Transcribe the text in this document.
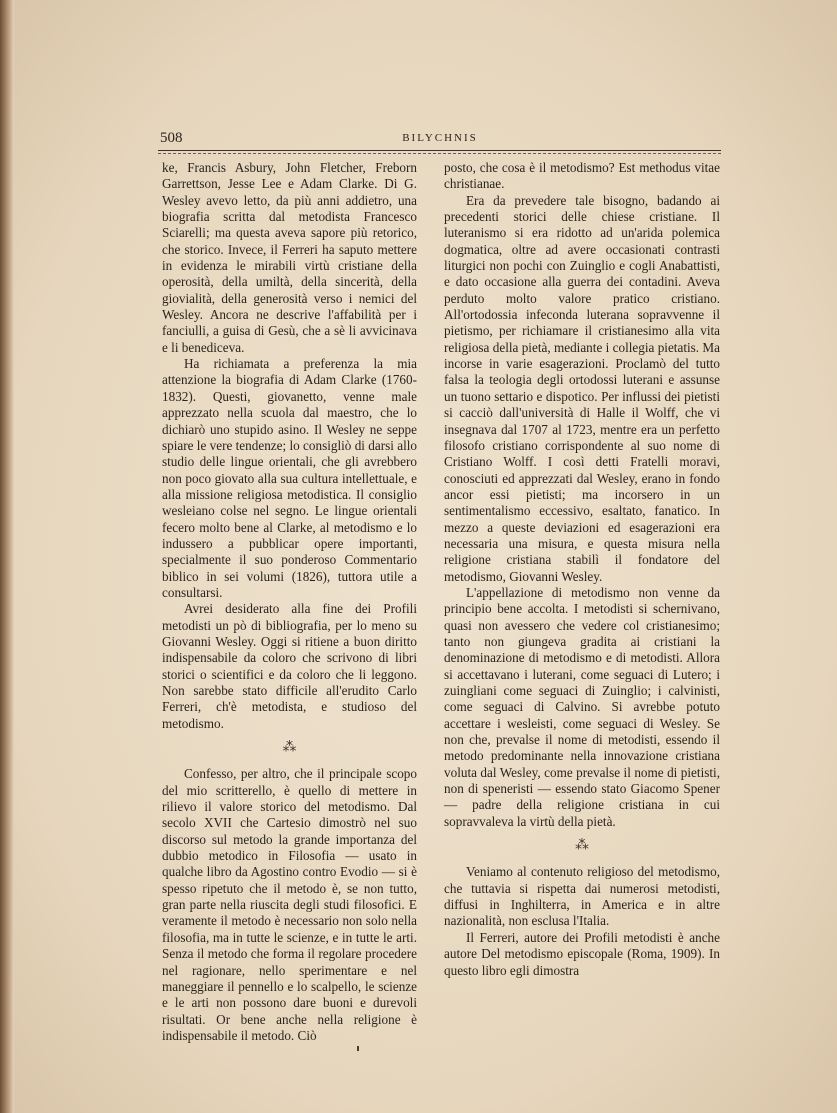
508	BILYCHNIS

ke, Francis Asbury, John Fletcher, Freborn Garrettson, Jesse Lee e Adam Clarke. Di G. Wesley avevo letto, da più anni addietro, una biografia scritta dal metodista Francesco Sciarelli; ma questa aveva sapore più retorico, che storico. Invece, il Ferreri ha saputo mettere in evidenza le mirabili virtù cristiane della operosità, della umiltà, della sincerità, della giovialità, della generosità verso i nemici del Wesley. Ancora ne descrive l'affabilità per i fanciulli, a guisa di Gesù, che a sè li avvicinava e li benediceva.

Ha richiamata a preferenza la mia attenzione la biografia di Adam Clarke (1760-1832). Questi, giovanetto, venne male apprezzato nella scuola dal maestro, che lo dichiarò uno stupido asino. Il Wesley ne seppe spiare le vere tendenze; lo consigliò di darsi allo studio delle lingue orientali, che gli avrebbero non poco giovato alla sua cultura intellettuale, e alla missione religiosa metodistica. Il consiglio wesleiano colse nel segno. Le lingue orientali fecero molto bene al Clarke, al metodismo e lo indussero a pubblicar opere importanti, specialmente il suo ponderoso Commentario biblico in sei volumi (1826), tuttora utile a consultarsi.

Avrei desiderato alla fine dei Profili metodisti un pò di bibliografia, per lo meno su Giovanni Wesley. Oggi si ritiene a buon diritto indispensabile da coloro che scrivono di libri storici o scientifici e da coloro che li leggono. Non sarebbe stato difficile all'erudito Carlo Ferreri, ch'è metodista, e studioso del metodismo.

⁂

Confesso, per altro, che il principale scopo del mio scritterello, è quello di mettere in rilievo il valore storico del metodismo. Dal secolo XVII che Cartesio dimostrò nel suo discorso sul metodo la grande importanza del dubbio metodico in Filosofia — usato in qualche libro da Agostino contro Evodio — si è spesso ripetuto che il metodo è, se non tutto, gran parte nella riuscita degli studi filosofici. E veramente il metodo è necessario non solo nella filosofia, ma in tutte le scienze, e in tutte le arti. Senza il metodo che forma il regolare procedere nel ragionare, nello sperimentare e nel maneggiare il pennello e lo scalpello, le scienze e le arti non possono dare buoni e durevoli risultati. Or bene anche nella religione è indispensabile il metodo. Ciò

posto, che cosa è il metodismo? Est methodus vitae christianae.

Era da prevedere tale bisogno, badando ai precedenti storici delle chiese cristiane. Il luteranismo si era ridotto ad un'arida polemica dogmatica, oltre ad avere occasionati contrasti liturgici non pochi con Zuinglio e cogli Anabattisti, e dato occasione alla guerra dei contadini. Aveva perduto molto valore pratico cristiano. All'ortodossia infeconda luterana sopravvenne il pietismo, per richiamare il cristianesimo alla vita religiosa della pietà, mediante i collegia pietatis. Ma incorse in varie esagerazioni. Proclamò del tutto falsa la teologia degli ortodossi luterani e assunse un tuono settario e dispotico. Per influssi dei pietisti si cacciò dall'università di Halle il Wolff, che vi insegnava dal 1707 al 1723, mentre era un perfetto filosofo cristiano corrispondente al suo nome di Cristiano Wolff. I così detti Fratelli moravi, conosciuti ed apprezzati dal Wesley, erano in fondo ancor essi pietisti; ma incorsero in un sentimentalismo eccessivo, esaltato, fanatico. In mezzo a queste deviazioni ed esagerazioni era necessaria una misura, e questa misura nella religione cristiana stabilì il fondatore del metodismo, Giovanni Wesley.

L'appellazione di metodismo non venne da principio bene accolta. I metodisti si schernivano, quasi non avessero che vedere col cristianesimo; tanto non giungeva gradita ai cristiani la denominazione di metodismo e di metodisti. Allora si accettavano i luterani, come seguaci di Lutero; i zuingliani come seguaci di Zuinglio; i calvinisti, come seguaci di Calvino. Si avrebbe potuto accettare i wesleisti, come seguaci di Wesley. Se non che, prevalse il nome di metodisti, essendo il metodo predominante nella innovazione cristiana voluta dal Wesley, come prevalse il nome di pietisti, non di speneristi — essendo stato Giacomo Spener — padre della religione cristiana in cui sopravvaleva la virtù della pietà.

⁂

Veniamo al contenuto religioso del metodismo, che tuttavia si rispetta dai numerosi metodisti, diffusi in Inghilterra, in America e in altre nazionalità, non esclusa l'Italia.

Il Ferreri, autore dei Profili metodisti è anche autore Del metodismo episcopale (Roma, 1909). In questo libro egli dimostra
